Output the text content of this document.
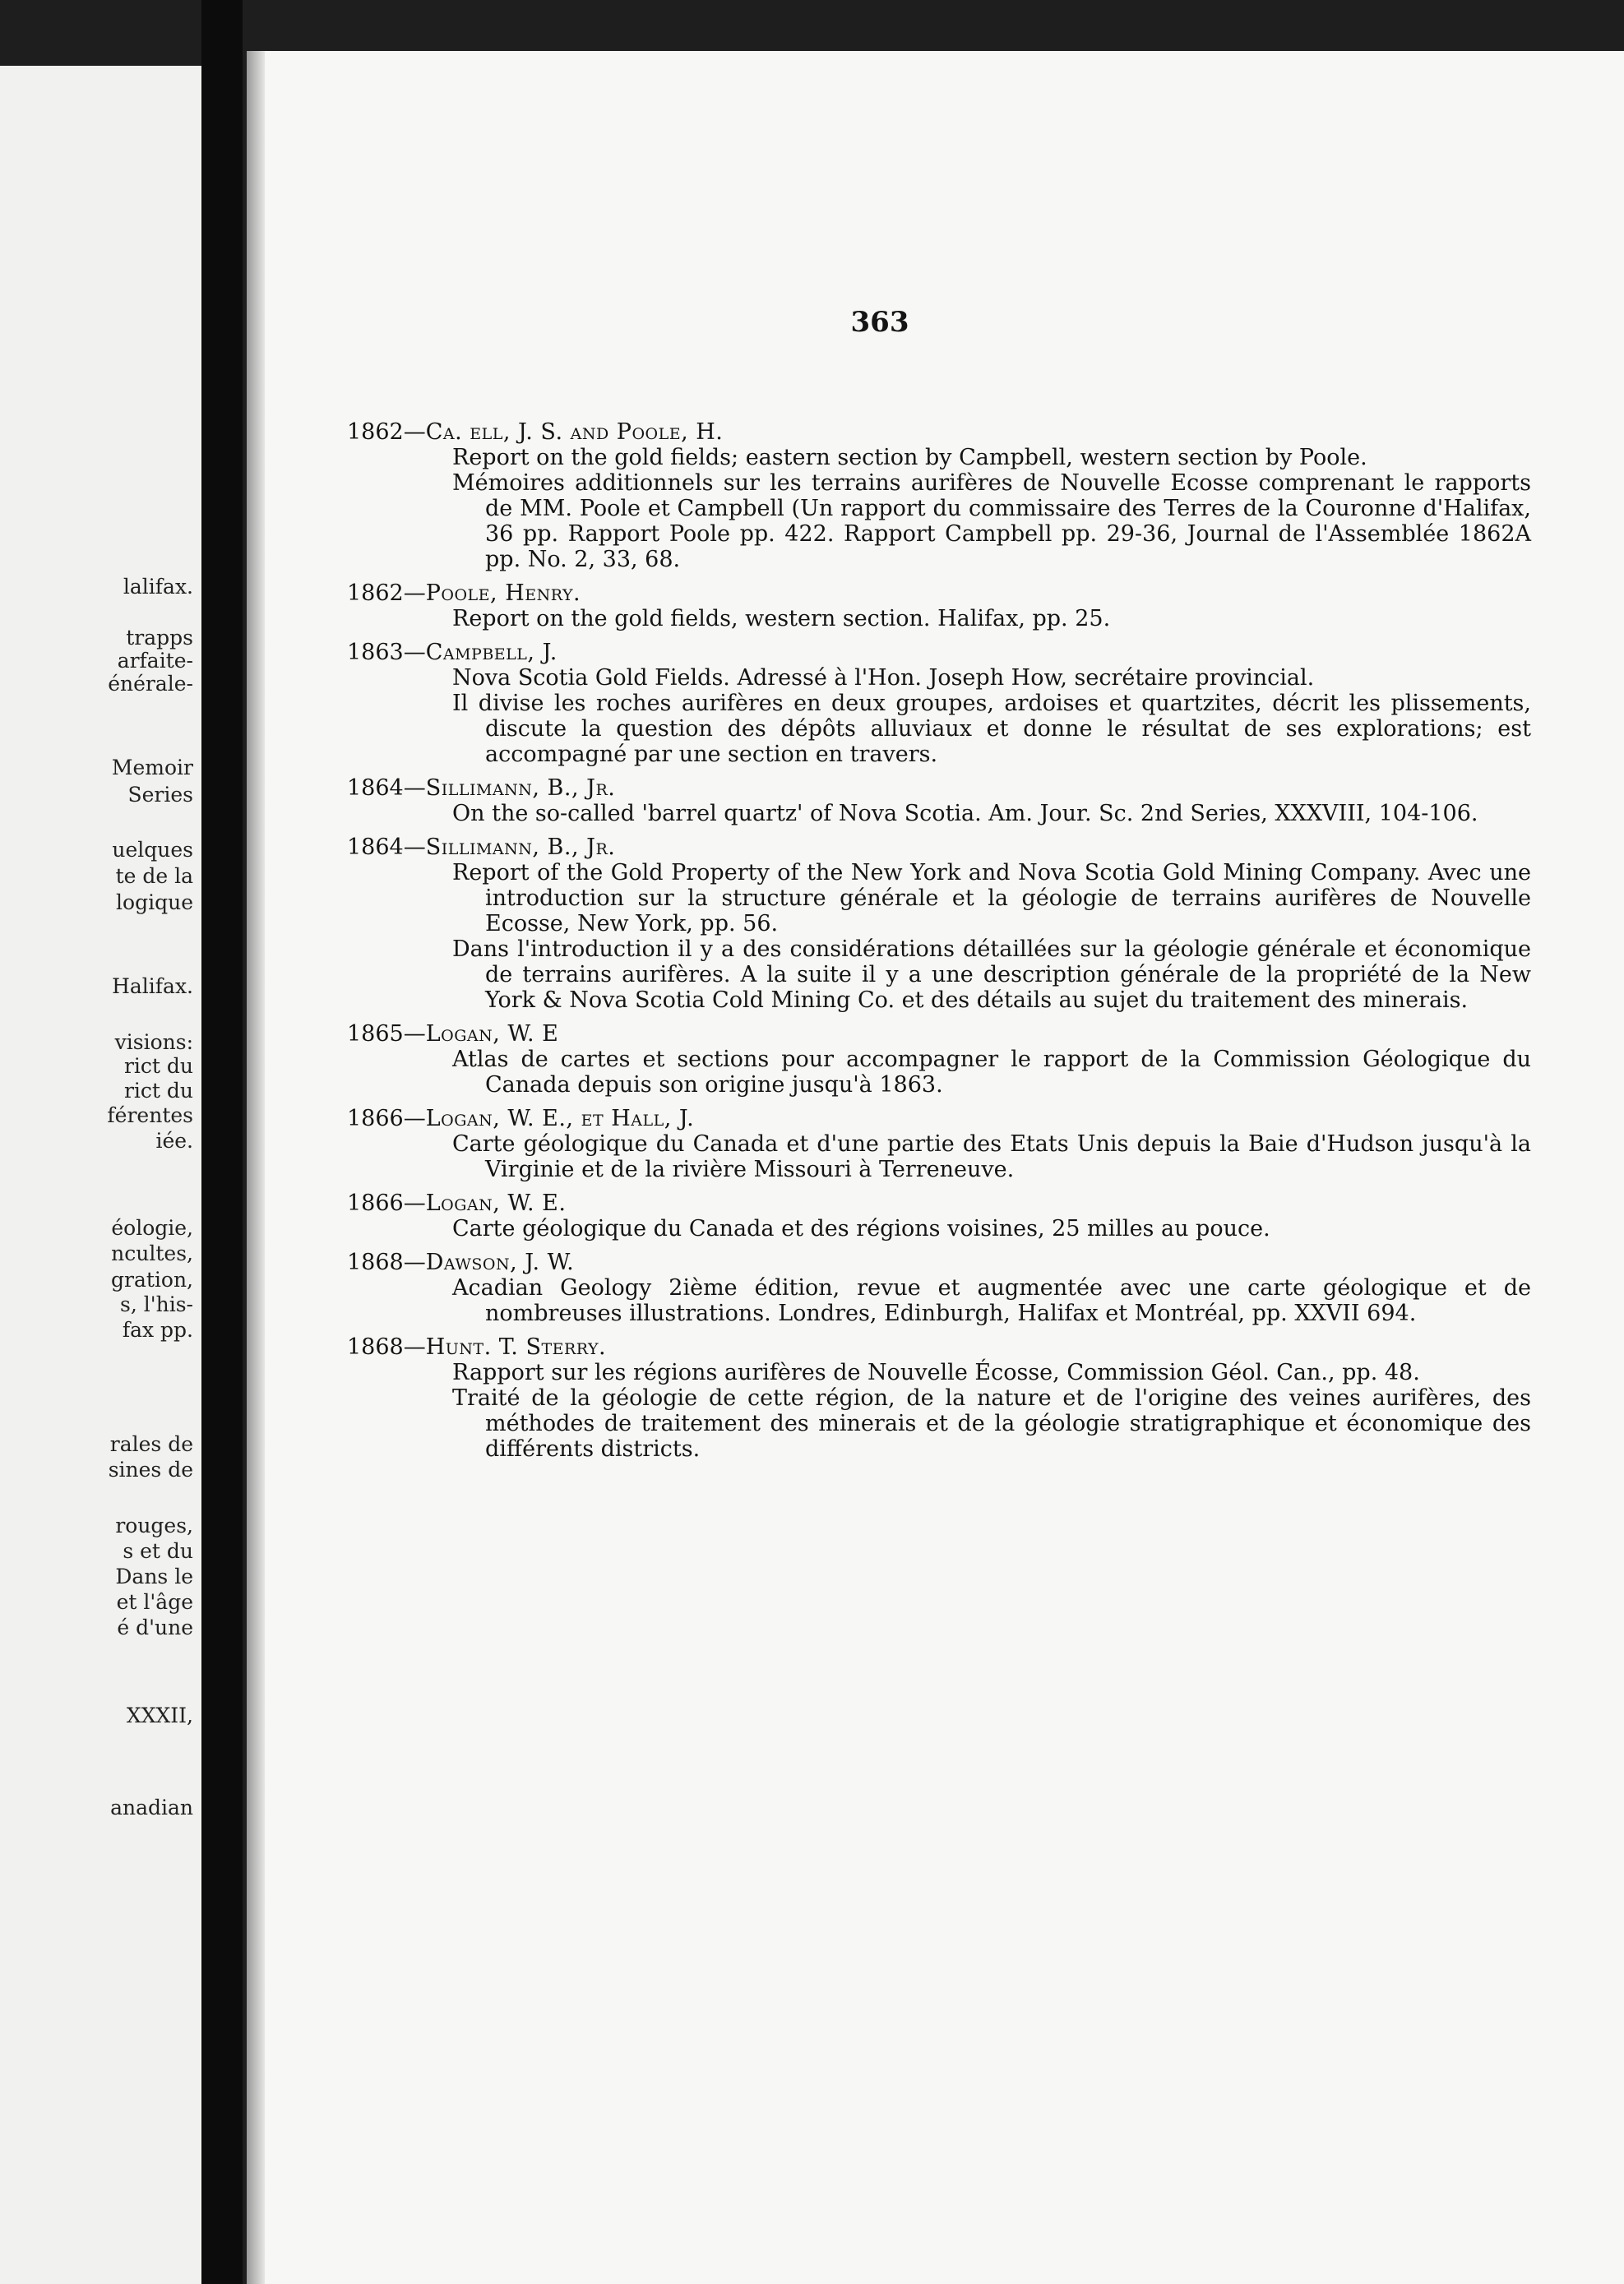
lalifax.
trapps
arfaite-
énérale-
Memoir
Series
uelques
te de la
logique
Halifax.
visions:
rict du
rict du
férentes
iée.
éologie,
ncultes,
gration,
s, l'his-
fax pp.
rales de
sines de
rouges,
s et du
Dans le
et l'âge
é d'une
XXXII,
anadian
363
1862—Ca. ell, J. S. and Poole, H.
Report on the gold fields; eastern section by Campbell, western section by Poole.
Mémoires additionnels sur les terrains aurifères de Nouvelle Ecosse comprenant le rapports de MM. Poole et Campbell (Un rapport du commissaire des Terres de la Couronne d'Halifax, 36 pp. Rapport Poole pp. 422. Rapport Campbell pp. 29-36, Journal de l'Assemblée 1862A pp. No. 2, 33, 68.
1862—Poole, Henry.
Report on the gold fields, western section. Halifax, pp. 25.
1863—Campbell, J.
Nova Scotia Gold Fields. Adressé à l'Hon. Joseph How, secrétaire provincial.
Il divise les roches aurifères en deux groupes, ardoises et quartzites, décrit les plissements, discute la question des dépôts alluviaux et donne le résultat de ses explorations; est accompagné par une section en travers.
1864—Sillimann, B., Jr.
On the so-called 'barrel quartz' of Nova Scotia. Am. Jour. Sc. 2nd Series, XXXVIII, 104-106.
1864—Sillimann, B., Jr.
Report of the Gold Property of the New York and Nova Scotia Gold Mining Company. Avec une introduction sur la structure générale et la géologie de terrains aurifères de Nouvelle Ecosse, New York, pp. 56.
Dans l'introduction il y a des considérations détaillées sur la géologie générale et économique de terrains aurifères. A la suite il y a une description générale de la propriété de la New York & Nova Scotia Cold Mining Co. et des détails au sujet du traitement des minerais.
1865—Logan, W. E
Atlas de cartes et sections pour accompagner le rapport de la Commission Géologique du Canada depuis son origine jusqu'à 1863.
1866—Logan, W. E., et Hall, J.
Carte géologique du Canada et d'une partie des Etats Unis depuis la Baie d'Hudson jusqu'à la Virginie et de la rivière Missouri à Terreneuve.
1866—Logan, W. E.
Carte géologique du Canada et des régions voisines, 25 milles au pouce.
1868—Dawson, J. W.
Acadian Geology 2ième édition, revue et augmentée avec une carte géologique et de nombreuses illustrations. Londres, Edinburgh, Halifax et Montréal, pp. XXVII 694.
1868—Hunt. T. Sterry.
Rapport sur les régions aurifères de Nouvelle Écosse, Commission Géol. Can., pp. 48.
Traité de la géologie de cette région, de la nature et de l'origine des veines aurifères, des méthodes de traitement des minerais et de la géologie stratigraphique et économique des différents districts.
